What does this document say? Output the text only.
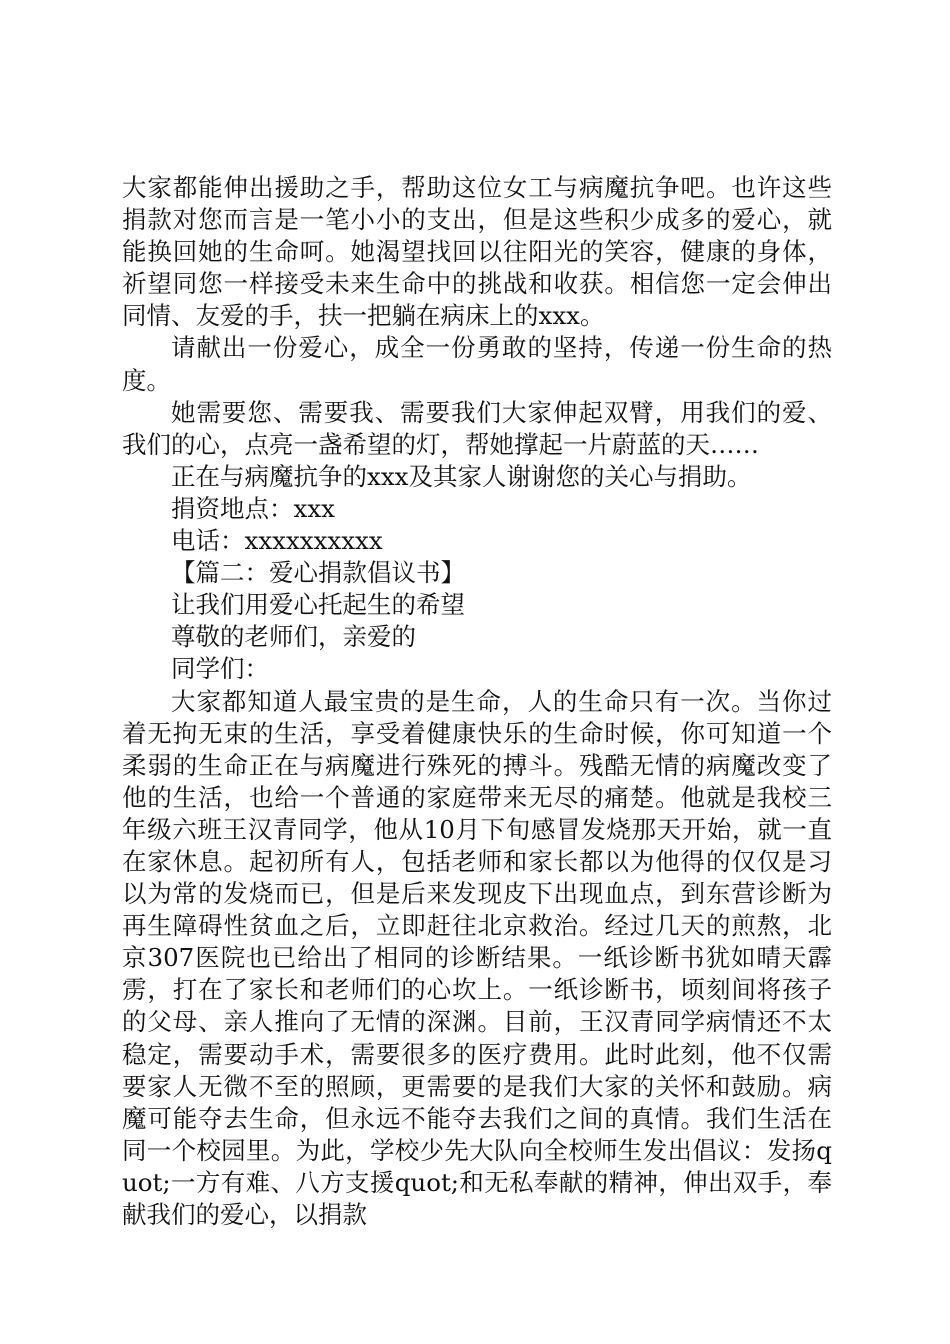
大家都能伸出援助之手，帮助这位女工与病魔抗争吧。也许这些捐款对您而言是一笔小小的支出，但是这些积少成多的爱心，就能换回她的生命呵。她渴望找回以往阳光的笑容，健康的身体，祈望同您一样接受未来生命中的挑战和收获。相信您一定会伸出同情、友爱的手，扶一把躺在病床上的xxx。

请献出一份爱心，成全一份勇敢的坚持，传递一份生命的热度。

她需要您、需要我、需要我们大家伸起双臂，用我们的爱、我们的心，点亮一盏希望的灯，帮她撑起一片蔚蓝的天……

正在与病魔抗争的xxx及其家人谢谢您的关心与捐助。

捐资地点：xxx

电话：xxxxxxxxxx

【篇二：爱心捐款倡议书】

让我们用爱心托起生的希望

尊敬的老师们，亲爱的

同学们：

大家都知道人最宝贵的是生命，人的生命只有一次。当你过着无拘无束的生活，享受着健康快乐的生命时候，你可知道一个柔弱的生命正在与病魔进行殊死的搏斗。残酷无情的病魔改变了他的生活，也给一个普通的家庭带来无尽的痛楚。他就是我校三年级六班王汉青同学，他从10月下旬感冒发烧那天开始，就一直在家休息。起初所有人，包括老师和家长都以为他得的仅仅是习以为常的发烧而已，但是后来发现皮下出现血点，到东营诊断为再生障碍性贫血之后，立即赶往北京救治。经过几天的煎熬，北京307医院也已给出了相同的诊断结果。一纸诊断书犹如晴天霹雳，打在了家长和老师们的心坎上。一纸诊断书，顷刻间将孩子的父母、亲人推向了无情的深渊。目前，王汉青同学病情还不太稳定，需要动手术，需要很多的医疗费用。此时此刻，他不仅需要家人无微不至的照顾，更需要的是我们大家的关怀和鼓励。病魔可能夺去生命，但永远不能夺去我们之间的真情。我们生活在同一个校园里。为此，学校少先大队向全校师生发出倡议：发扬quot;一方有难、八方支援quot;和无私奉献的精神，伸出双手，奉献我们的爱心，以捐款
